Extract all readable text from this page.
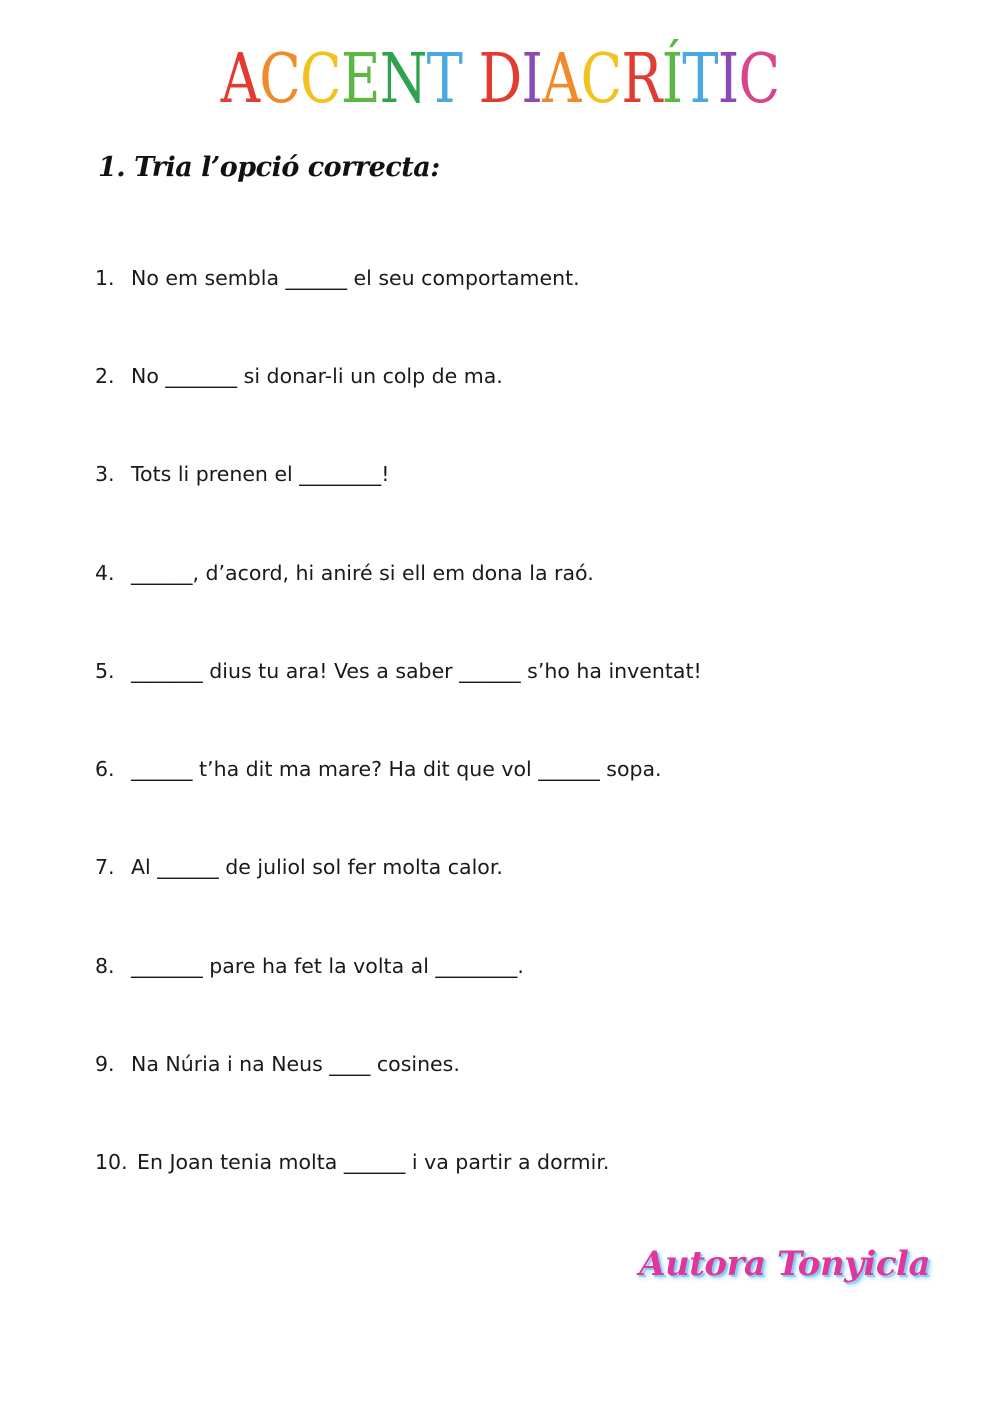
ACCENT DIACRÍTIC
1. Tria l’opció correcta:

1. No em sembla ______ el seu comportament.

2. No _______ si donar-li un colp de ma.

3. Tots li prenen el ________!

4. ______, d’acord, hi aniré si ell em dona la raó.

5. _______ dius tu ara! Ves a saber ______ s’ho ha inventat!

6. ______ t’ha dit ma mare? Ha dit que vol ______ sopa.

7. Al ______ de juliol sol fer molta calor.

8. _______ pare ha fet la volta al ________.

9. Na Núria i na Neus ____ cosines.

10. En Joan tenia molta ______ i va partir a dormir.

Autora Tonyicla
